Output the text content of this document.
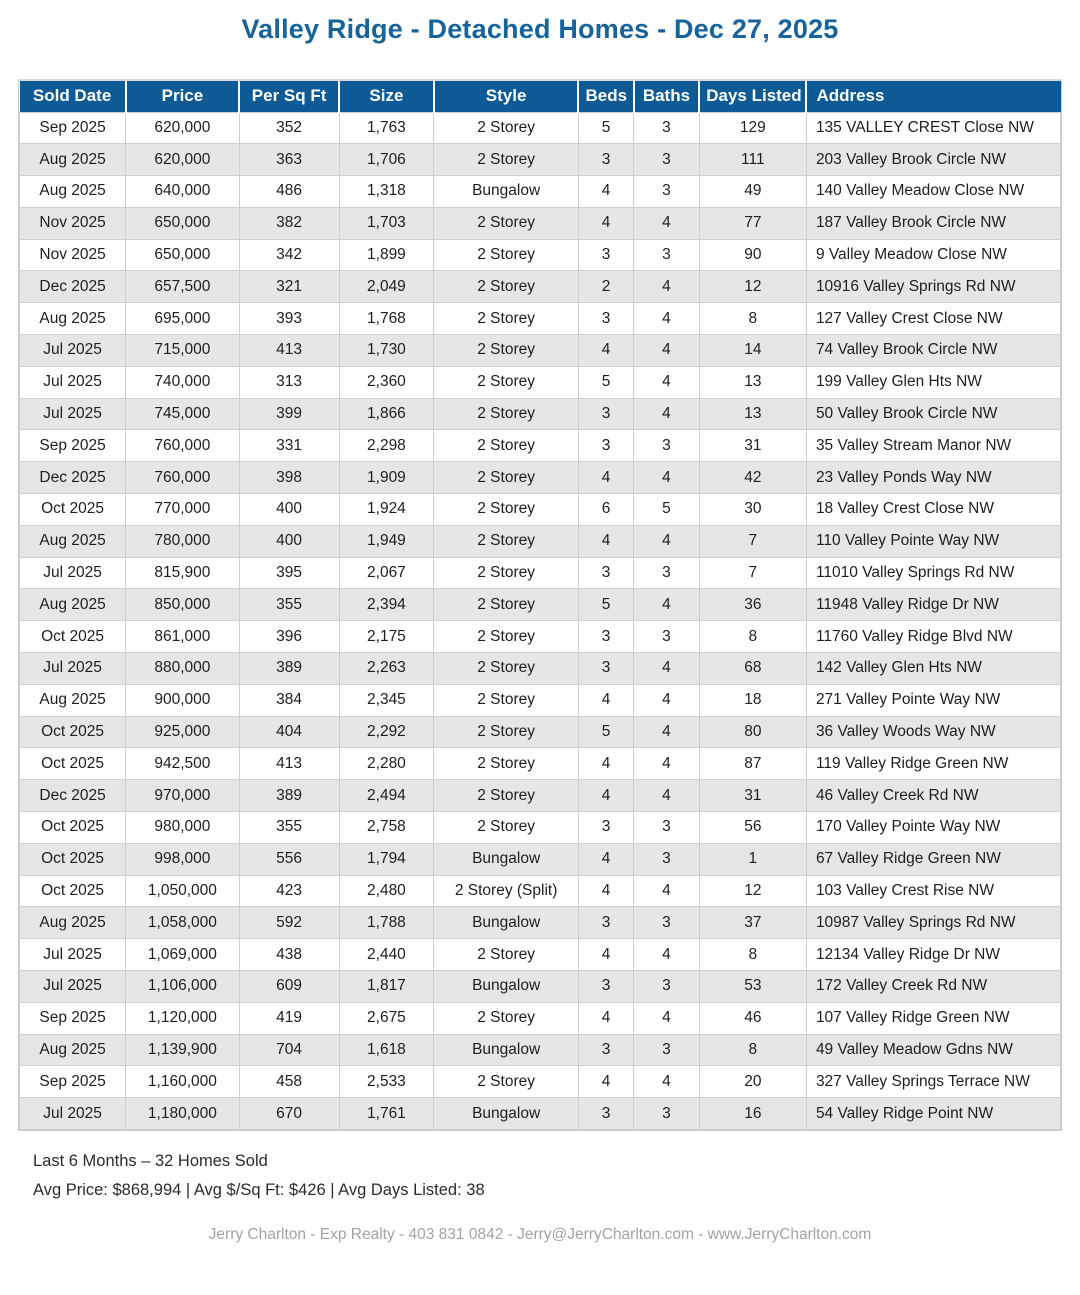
Valley Ridge - Detached Homes - Dec 27, 2025
Sold Date	Price	Per Sq Ft	Size	Style	Beds	Baths	Days Listed	Address
Sep 2025	620,000	352	1,763	2 Storey	5	3	129	135 VALLEY CREST Close NW
Aug 2025	620,000	363	1,706	2 Storey	3	3	111	203 Valley Brook Circle NW
Aug 2025	640,000	486	1,318	Bungalow	4	3	49	140 Valley Meadow Close NW
Nov 2025	650,000	382	1,703	2 Storey	4	4	77	187 Valley Brook Circle NW
Nov 2025	650,000	342	1,899	2 Storey	3	3	90	9 Valley Meadow Close NW
Dec 2025	657,500	321	2,049	2 Storey	2	4	12	10916 Valley Springs Rd NW
Aug 2025	695,000	393	1,768	2 Storey	3	4	8	127 Valley Crest Close NW
Jul 2025	715,000	413	1,730	2 Storey	4	4	14	74 Valley Brook Circle NW
Jul 2025	740,000	313	2,360	2 Storey	5	4	13	199 Valley Glen Hts NW
Jul 2025	745,000	399	1,866	2 Storey	3	4	13	50 Valley Brook Circle NW
Sep 2025	760,000	331	2,298	2 Storey	3	3	31	35 Valley Stream Manor NW
Dec 2025	760,000	398	1,909	2 Storey	4	4	42	23 Valley Ponds Way NW
Oct 2025	770,000	400	1,924	2 Storey	6	5	30	18 Valley Crest Close NW
Aug 2025	780,000	400	1,949	2 Storey	4	4	7	110 Valley Pointe Way NW
Jul 2025	815,900	395	2,067	2 Storey	3	3	7	11010 Valley Springs Rd NW
Aug 2025	850,000	355	2,394	2 Storey	5	4	36	11948 Valley Ridge Dr NW
Oct 2025	861,000	396	2,175	2 Storey	3	3	8	11760 Valley Ridge Blvd NW
Jul 2025	880,000	389	2,263	2 Storey	3	4	68	142 Valley Glen Hts NW
Aug 2025	900,000	384	2,345	2 Storey	4	4	18	271 Valley Pointe Way NW
Oct 2025	925,000	404	2,292	2 Storey	5	4	80	36 Valley Woods Way NW
Oct 2025	942,500	413	2,280	2 Storey	4	4	87	119 Valley Ridge Green NW
Dec 2025	970,000	389	2,494	2 Storey	4	4	31	46 Valley Creek Rd NW
Oct 2025	980,000	355	2,758	2 Storey	3	3	56	170 Valley Pointe Way NW
Oct 2025	998,000	556	1,794	Bungalow	4	3	1	67 Valley Ridge Green NW
Oct 2025	1,050,000	423	2,480	2 Storey (Split)	4	4	12	103 Valley Crest Rise NW
Aug 2025	1,058,000	592	1,788	Bungalow	3	3	37	10987 Valley Springs Rd NW
Jul 2025	1,069,000	438	2,440	2 Storey	4	4	8	12134 Valley Ridge Dr NW
Jul 2025	1,106,000	609	1,817	Bungalow	3	3	53	172 Valley Creek Rd NW
Sep 2025	1,120,000	419	2,675	2 Storey	4	4	46	107 Valley Ridge Green NW
Aug 2025	1,139,900	704	1,618	Bungalow	3	3	8	49 Valley Meadow Gdns NW
Sep 2025	1,160,000	458	2,533	2 Storey	4	4	20	327 Valley Springs Terrace NW
Jul 2025	1,180,000	670	1,761	Bungalow	3	3	16	54 Valley Ridge Point NW

Last 6 Months – 32 Homes Sold

Avg Price: $868,994 | Avg $/Sq Ft: $426 | Avg Days Listed: 38

Jerry Charlton - Exp Realty - 403 831 0842 - Jerry@JerryCharlton.com - www.JerryCharlton.com
